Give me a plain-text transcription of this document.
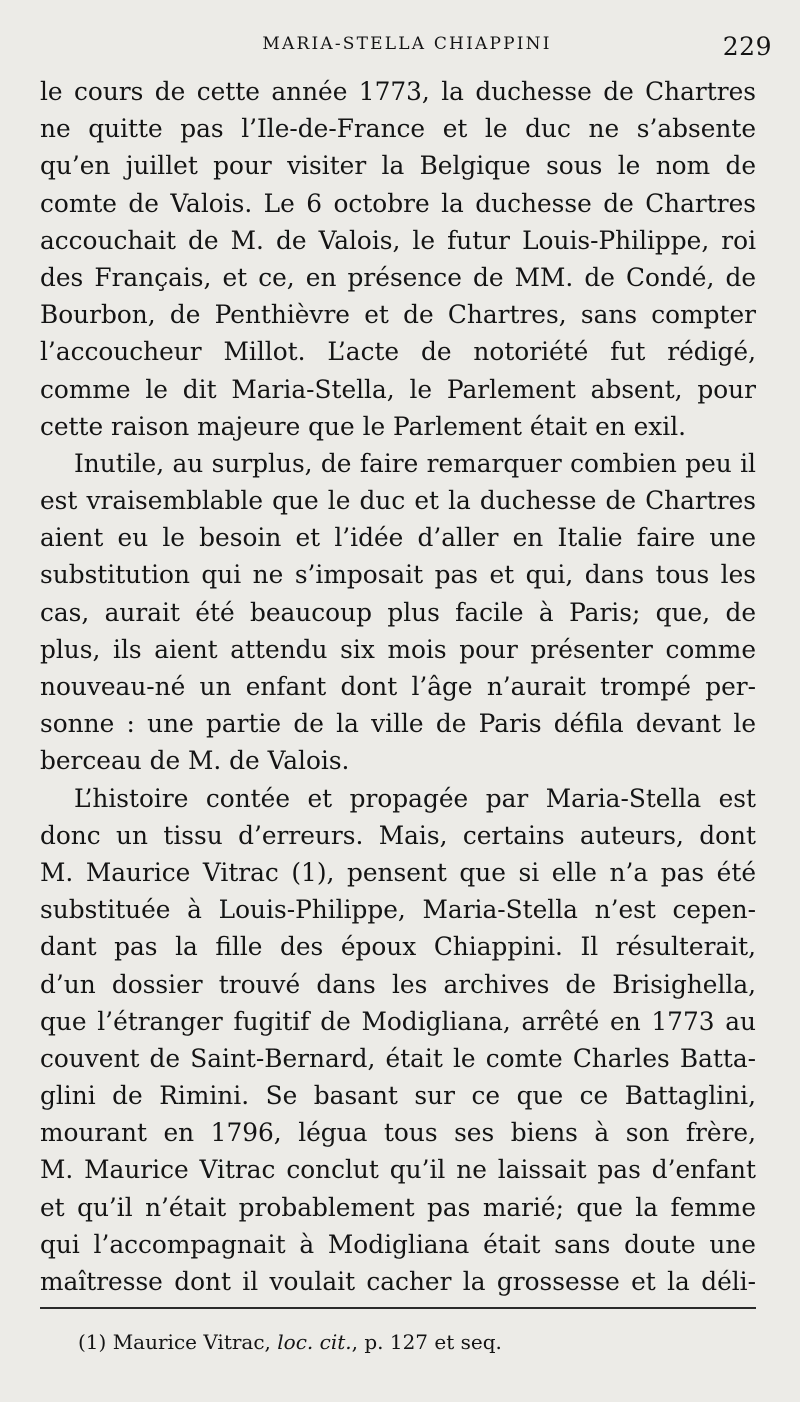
MARIA-STELLA CHIAPPINI	229
le cours de cette année 1773, la duchesse de Chartres
ne quitte pas l’Ile-de-France et le duc ne s’absente
qu’en juillet pour visiter la Belgique sous le nom de
comte de Valois. Le 6 octobre la duchesse de Chartres
accouchait de M. de Valois, le futur Louis-Philippe, roi
des Français, et ce, en présence de MM. de Condé, de
Bourbon, de Penthièvre et de Chartres, sans compter
l’accoucheur Millot. L’acte de notoriété fut rédigé,
comme le dit Maria-Stella, le Parlement absent, pour
cette raison majeure que le Parlement était en exil.
Inutile, au surplus, de faire remarquer combien peu il
est vraisemblable que le duc et la duchesse de Chartres
aient eu le besoin et l’idée d’aller en Italie faire une
substitution qui ne s’imposait pas et qui, dans tous les
cas, aurait été beaucoup plus facile à Paris; que, de
plus, ils aient attendu six mois pour présenter comme
nouveau-né un enfant dont l’âge n’aurait trompé per-
sonne : une partie de la ville de Paris défila devant le
berceau de M. de Valois.
L’histoire contée et propagée par Maria-Stella est
donc un tissu d’erreurs. Mais, certains auteurs, dont
M. Maurice Vitrac (1), pensent que si elle n’a pas été
substituée à Louis-Philippe, Maria-Stella n’est cepen-
dant pas la fille des époux Chiappini. Il résulterait,
d’un dossier trouvé dans les archives de Brisighella,
que l’étranger fugitif de Modigliana, arrêté en 1773 au
couvent de Saint-Bernard, était le comte Charles Batta-
glini de Rimini. Se basant sur ce que ce Battaglini,
mourant en 1796, légua tous ses biens à son frère,
M. Maurice Vitrac conclut qu’il ne laissait pas d’enfant
et qu’il n’était probablement pas marié; que la femme
qui l’accompagnait à Modigliana était sans doute une
maîtresse dont il voulait cacher la grossesse et la déli-
(1) Maurice Vitrac, loc. cit., p. 127 et seq.
